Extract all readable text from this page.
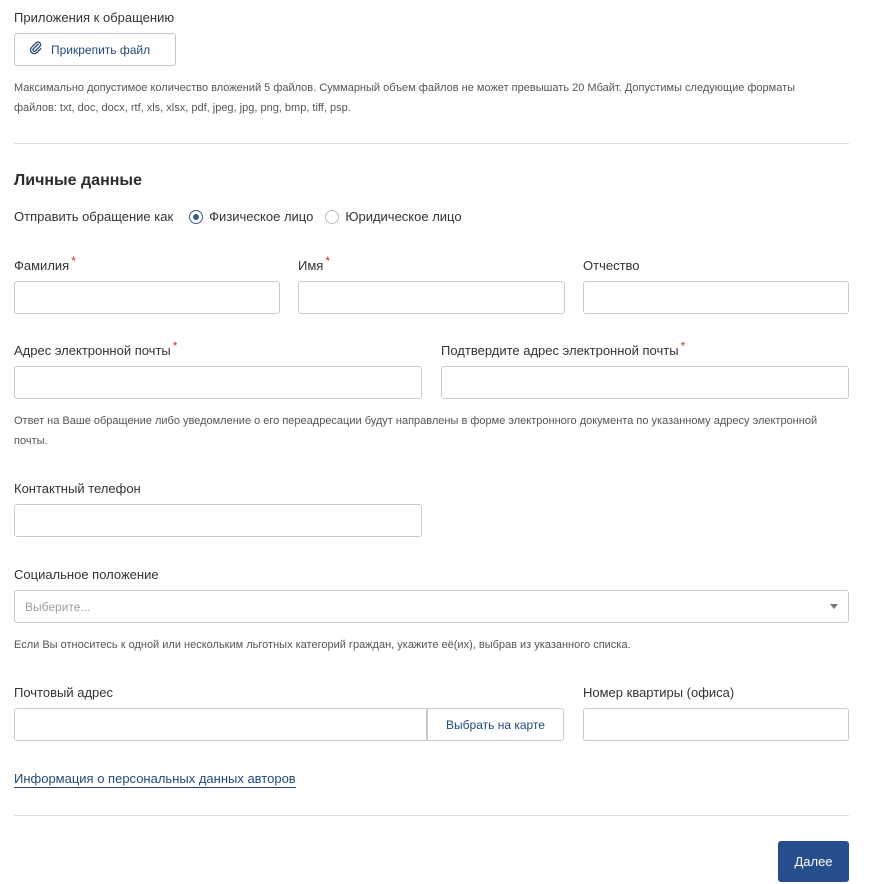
Приложения к обращению
Прикрепить файл
Максимально допустимое количество вложений 5 файлов. Суммарный объем файлов не может превышать 20 Мбайт. Допустимы следующие форматы файлов: txt, doc, docx, rtf, xls, xlsx, pdf, jpeg, jpg, png, bmp, tiff, psp.
Личные данные
Отправить обращение как	Физическое лицо Юридическое лицо
Фамилия *	Имя *	Отчество
Адрес электронной почты *	Подтвердите адрес электронной почты *
Ответ на Ваше обращение либо уведомление о его переадресации будут направлены в форме электронного документа по указанному адресу электронной почты.
Контактный телефон
Социальное положение
Выберите...
Если Вы относитесь к одной или нескольким льготных категорий граждан, укажите её(их), выбрав из указанного списка.
Почтовый адрес
Выбрать на карте
Номер квартиры (офиса)
Информация о персональных данных авторов
Далее
